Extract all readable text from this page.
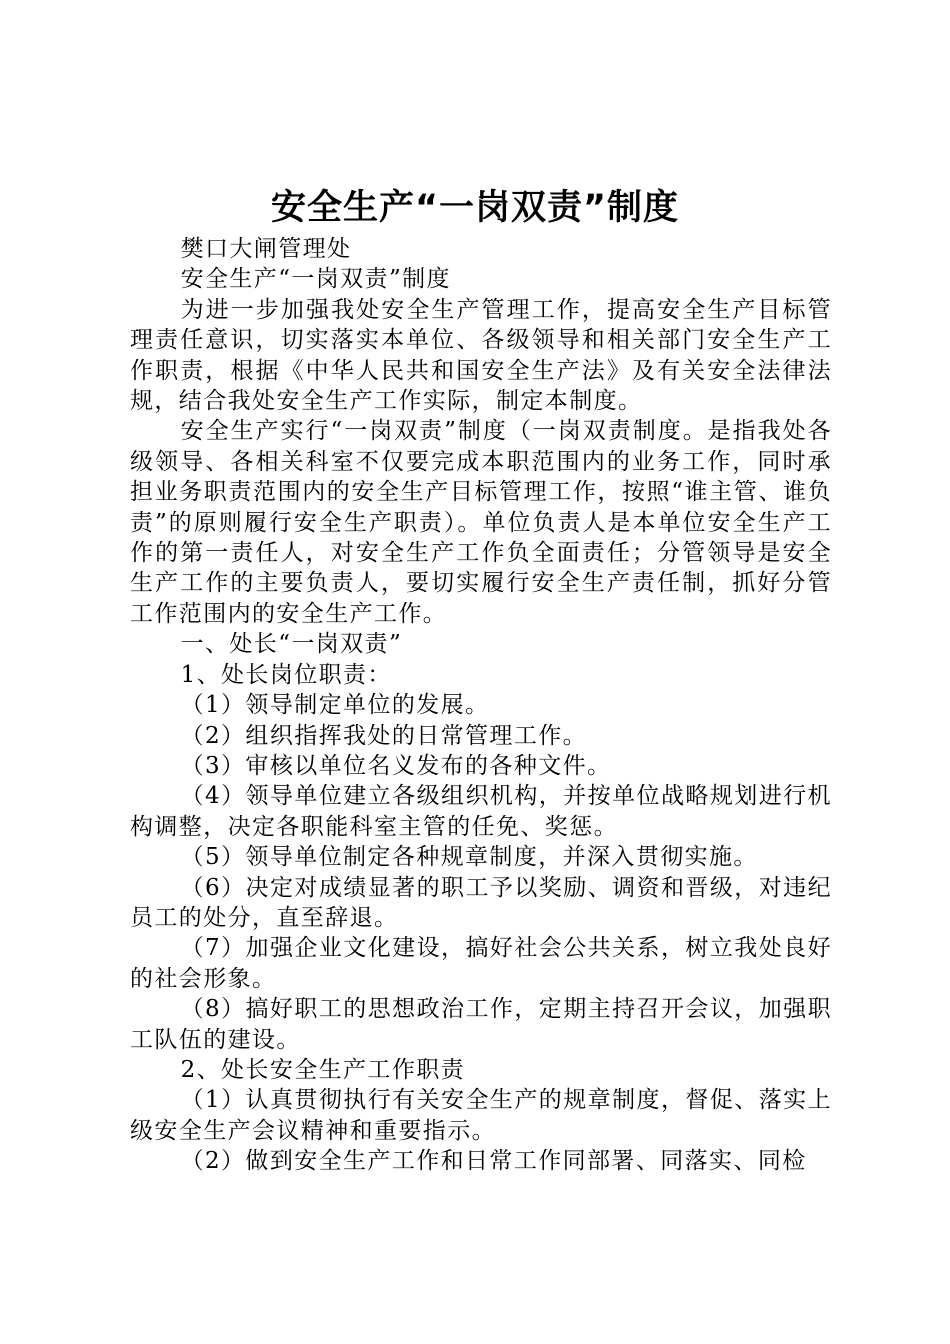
安全生产“一岗双责”制度

樊口大闸管理处

安全生产“一岗双责”制度

为进一步加强我处安全生产管理工作，提高安全生产目标管理责任意识，切实落实本单位、各级领导和相关部门安全生产工作职责，根据《中华人民共和国安全生产法》及有关安全法律法规，结合我处安全生产工作实际，制定本制度。

安全生产实行“一岗双责”制度（一岗双责制度。是指我处各级领导、各相关科室不仅要完成本职范围内的业务工作，同时承担业务职责范围内的安全生产目标管理工作，按照“谁主管、谁负责”的原则履行安全生产职责）。单位负责人是本单位安全生产工作的第一责任人，对安全生产工作负全面责任；分管领导是安全生产工作的主要负责人，要切实履行安全生产责任制，抓好分管工作范围内的安全生产工作。

一、处长“一岗双责”

1、处长岗位职责：

（1）领导制定单位的发展。

（2）组织指挥我处的日常管理工作。

（3）审核以单位名义发布的各种文件。

（4）领导单位建立各级组织机构，并按单位战略规划进行机构调整，决定各职能科室主管的任免、奖惩。

（5）领导单位制定各种规章制度，并深入贯彻实施。

（6）决定对成绩显著的职工予以奖励、调资和晋级，对违纪员工的处分，直至辞退。

（7）加强企业文化建设，搞好社会公共关系，树立我处良好的社会形象。

（8）搞好职工的思想政治工作，定期主持召开会议，加强职工队伍的建设。

2、处长安全生产工作职责

（1）认真贯彻执行有关安全生产的规章制度，督促、落实上级安全生产会议精神和重要指示。

（2）做到安全生产工作和日常工作同部署、同落实、同检
